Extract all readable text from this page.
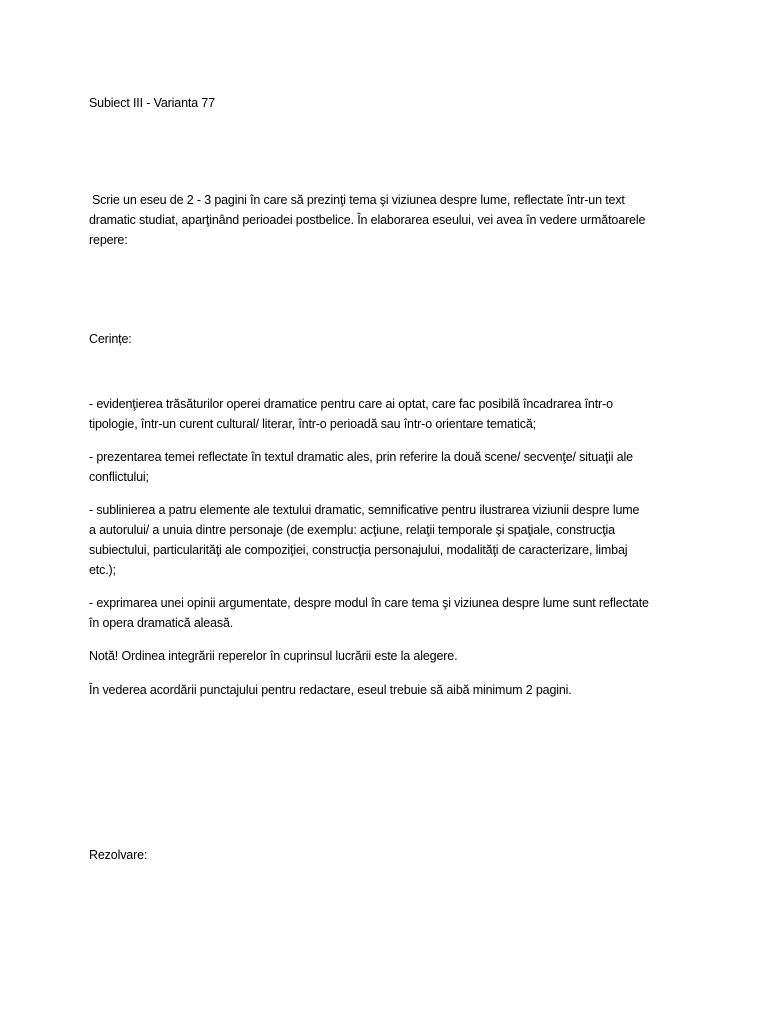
Subiect III - Varianta 77
Scrie un eseu de 2 - 3 pagini în care să prezinţi tema şi viziunea despre lume, reflectate într-un text
dramatic studiat, aparţinând perioadei postbelice. În elaborarea eseului, vei avea în vedere următoarele
repere:
Cerințe:
- evidenţierea trăsăturilor operei dramatice pentru care ai optat, care fac posibilă încadrarea într-o
tipologie, într-un curent cultural/ literar, într-o perioadă sau într-o orientare tematică;
- prezentarea temei reflectate în textul dramatic ales, prin referire la două scene/ secvenţe/ situaţii ale
conflictului;
- sublinierea a patru elemente ale textului dramatic, semnificative pentru ilustrarea viziunii despre lume
a autorului/ a unuia dintre personaje (de exemplu: acţiune, relaţii temporale şi spaţiale, construcţia
subiectului, particularităţi ale compoziţiei, construcţia personajului, modalităţi de caracterizare, limbaj
etc.);
- exprimarea unei opinii argumentate, despre modul în care tema şi viziunea despre lume sunt reflectate
în opera dramatică aleasă.
Notă! Ordinea integrării reperelor în cuprinsul lucrării este la alegere.
În vederea acordării punctajului pentru redactare, eseul trebuie să aibă minimum 2 pagini.
Rezolvare:
